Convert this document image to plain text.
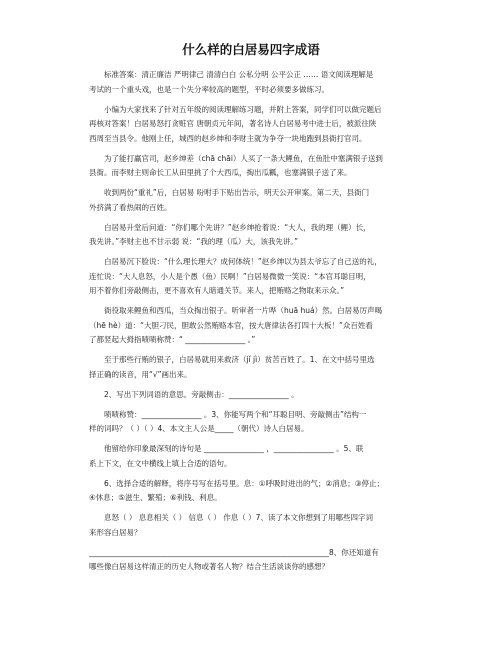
什么样的白居易四字成语
　　标准答案：清正廉洁 严明律己 清清白白 公私分明 公平公正 …… 语文阅读理解是
考试的一个重头戏，也是一个失分率较高的题型，平时必须要多做练习。
　　小编为大家找来了针对五年级的阅读理解练习题，并附上答案，同学们可以做完题后
再核对答案！白居易怒打贪赃官 唐朝贞元年间，著名诗人白居易考中进士后，被派往陕
西周至当县令。他刚上任，城西的赵乡绅和李财主就为争夺一块地跑到县衙打官司。
　　为了能打赢官司，赵乡绅差（chā chāi）人买了一条大鲤鱼，在鱼肚中塞满银子送到
县衙。而李财主则命长工从田里挑了个大西瓜，掏出瓜瓤，也塞满银子送了来。
　　收到两份“重礼”后，白居易 吩咐手下贴出告示，明天公开审案。第二天，县衙门
外挤满了看热闹的百姓。
　　白居易升堂后问道：“你们哪个先讲？”赵乡绅抢着说：“大人，我的理（鲤）长，
我先讲。”李财主也不甘示弱 说：“我的理（瓜）大，该我先讲。”
　　白居易沉下脸说：“什么理长理大？成何体统！”赵乡绅以为县太爷忘了自己送的礼，
连忙说：“大人息怒，小人是个愚（鱼）民啊！”白居易微微一笑说：“本官耳聪目明，
用不着你们旁敲侧击，更不喜欢有人暗通关节。来人，把贿赂之物取来示众。”
　　衙役取来鲤鱼和西瓜，当众掏出银子。听审者一片哗（huā huá）然。白居易厉声喝
（hē hè）道：“大胆刁民，胆敢公然贿赂本官，按大唐律法各打四十大板！”众百姓看
了都竖起大拇指啧啧称赞：“ ________________ 。”
　　至于那些行贿的银子，白居易就用来救济（jǐ jì）贫苦百姓了。1、在文中括号里选
择正确的读音，用“√”画出来。
　　2、写出下列词语的意思。旁敲侧击：________________ 。
　　啧啧称赞：________________ 。3、你能写两个和“耳聪目明、旁敲侧击”结构一
样的词吗？（ ）（ ）4、本文主人公是_____（朝代）诗人白居易。
　　他留给你印象最深刻的诗句是 ________________ ，________________ 。5、联
系上下文，在文中横线上填上合适的语句。
　　6、选择合适的解释，将序号写在括号里。息：①呼吸时进出的气；②消息；③停止；
④休息；⑤滋生、繁殖；⑥利钱、利息。
　　息怒（ ） 息息相关（ ） 信息（ ） 作息（ ）7、读了本文你想到了用哪些四字词
来形容白居易？
________________________________________________________________8、你还知道有
哪些像白居易这样清正的历史人物或著名人物？结合生活谈谈你的感想？
